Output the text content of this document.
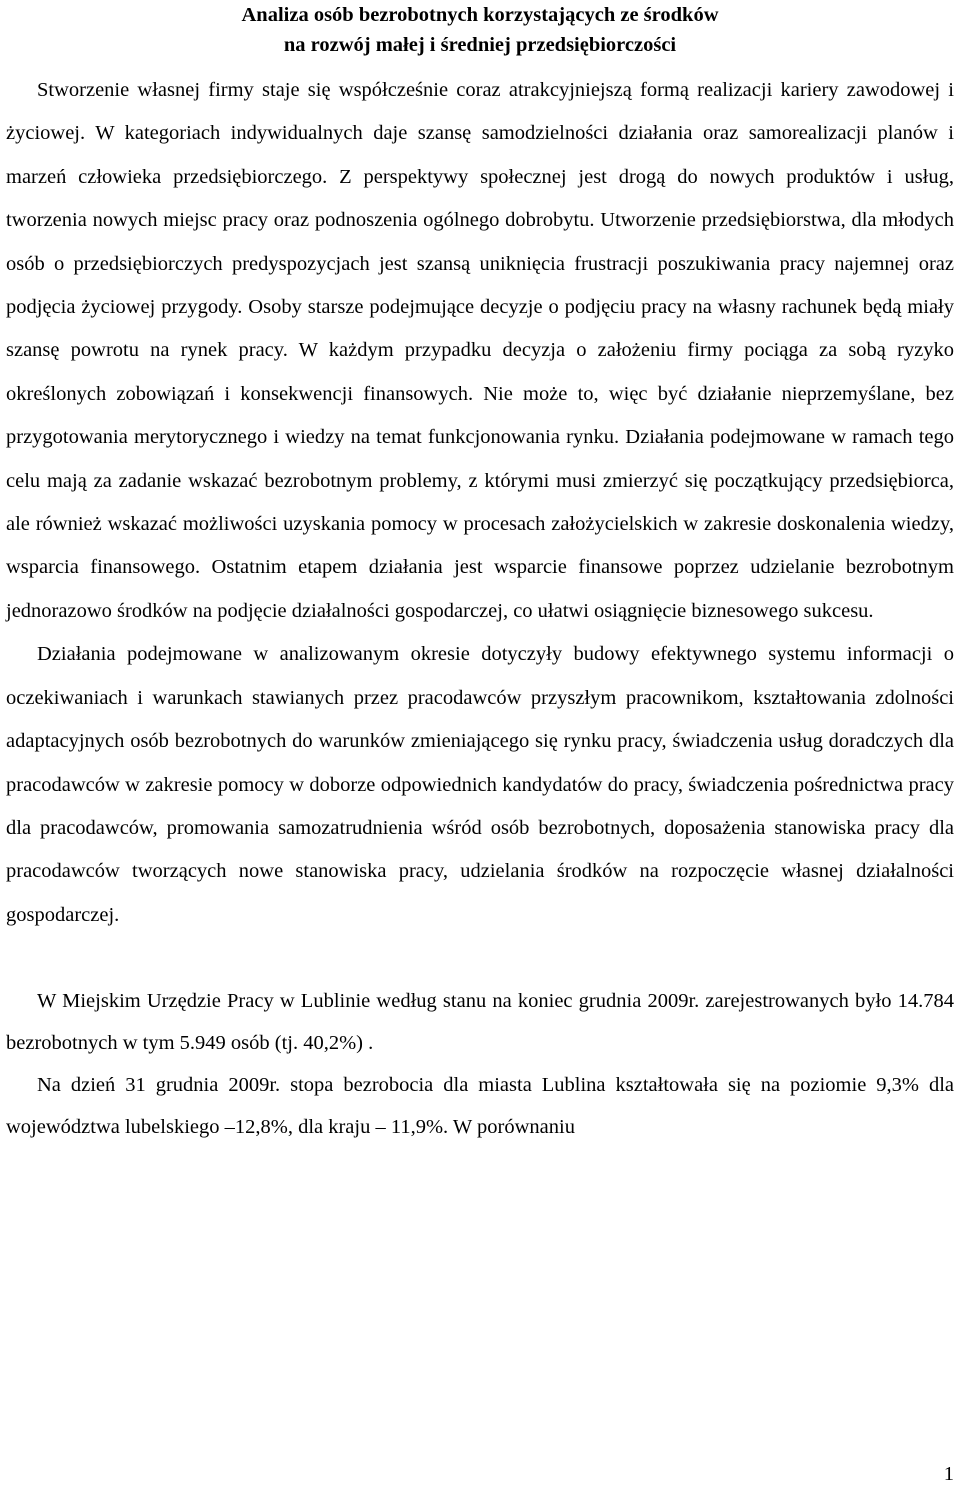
Analiza osób bezrobotnych korzystających ze środków
na rozwój małej i średniej przedsiębiorczości

Stworzenie własnej firmy staje się współcześnie coraz atrakcyjniejszą formą realizacji kariery zawodowej i życiowej. W kategoriach indywidualnych daje szansę samodzielności działania oraz samorealizacji planów i marzeń człowieka przedsiębiorczego. Z perspektywy społecznej jest drogą do nowych produktów i usług, tworzenia nowych miejsc pracy oraz podnoszenia ogólnego dobrobytu. Utworzenie przedsiębiorstwa, dla młodych osób o przedsiębiorczych predyspozycjach jest szansą uniknięcia frustracji poszukiwania pracy najemnej oraz podjęcia życiowej przygody. Osoby starsze podejmujące decyzje o podjęciu pracy na własny rachunek będą miały szansę powrotu na rynek pracy. W każdym przypadku decyzja o założeniu firmy pociąga za sobą ryzyko określonych zobowiązań i konsekwencji finansowych. Nie może to, więc być działanie nieprzemyślane, bez przygotowania merytorycznego i wiedzy na temat funkcjonowania rynku. Działania podejmowane w ramach tego celu mają za zadanie wskazać bezrobotnym problemy, z którymi musi zmierzyć się początkujący przedsiębiorca, ale również wskazać możliwości uzyskania pomocy w procesach założycielskich w zakresie doskonalenia wiedzy, wsparcia finansowego. Ostatnim etapem działania jest wsparcie finansowe poprzez udzielanie bezrobotnym jednorazowo środków na podjęcie działalności gospodarczej, co ułatwi osiągnięcie biznesowego sukcesu.

Działania podejmowane w analizowanym okresie dotyczyły budowy efektywnego systemu informacji o oczekiwaniach i warunkach stawianych przez pracodawców przyszłym pracownikom, kształtowania zdolności adaptacyjnych osób bezrobotnych do warunków zmieniającego się rynku pracy, świadczenia usług doradczych dla pracodawców w zakresie pomocy w doborze odpowiednich kandydatów do pracy, świadczenia pośrednictwa pracy dla pracodawców, promowania samozatrudnienia wśród osób bezrobotnych, doposażenia stanowiska pracy dla pracodawców tworzących nowe stanowiska pracy, udzielania środków na rozpoczęcie własnej działalności gospodarczej.

W Miejskim Urzędzie Pracy w Lublinie według stanu na koniec grudnia 2009r. zarejestrowanych było 14.784 bezrobotnych w tym 5.949 osób (tj. 40,2%) .

Na dzień 31 grudnia 2009r. stopa bezrobocia dla miasta Lublina kształtowała się na poziomie 9,3% dla województwa lubelskiego –12,8%, dla kraju – 11,9%. W porównaniu

1
